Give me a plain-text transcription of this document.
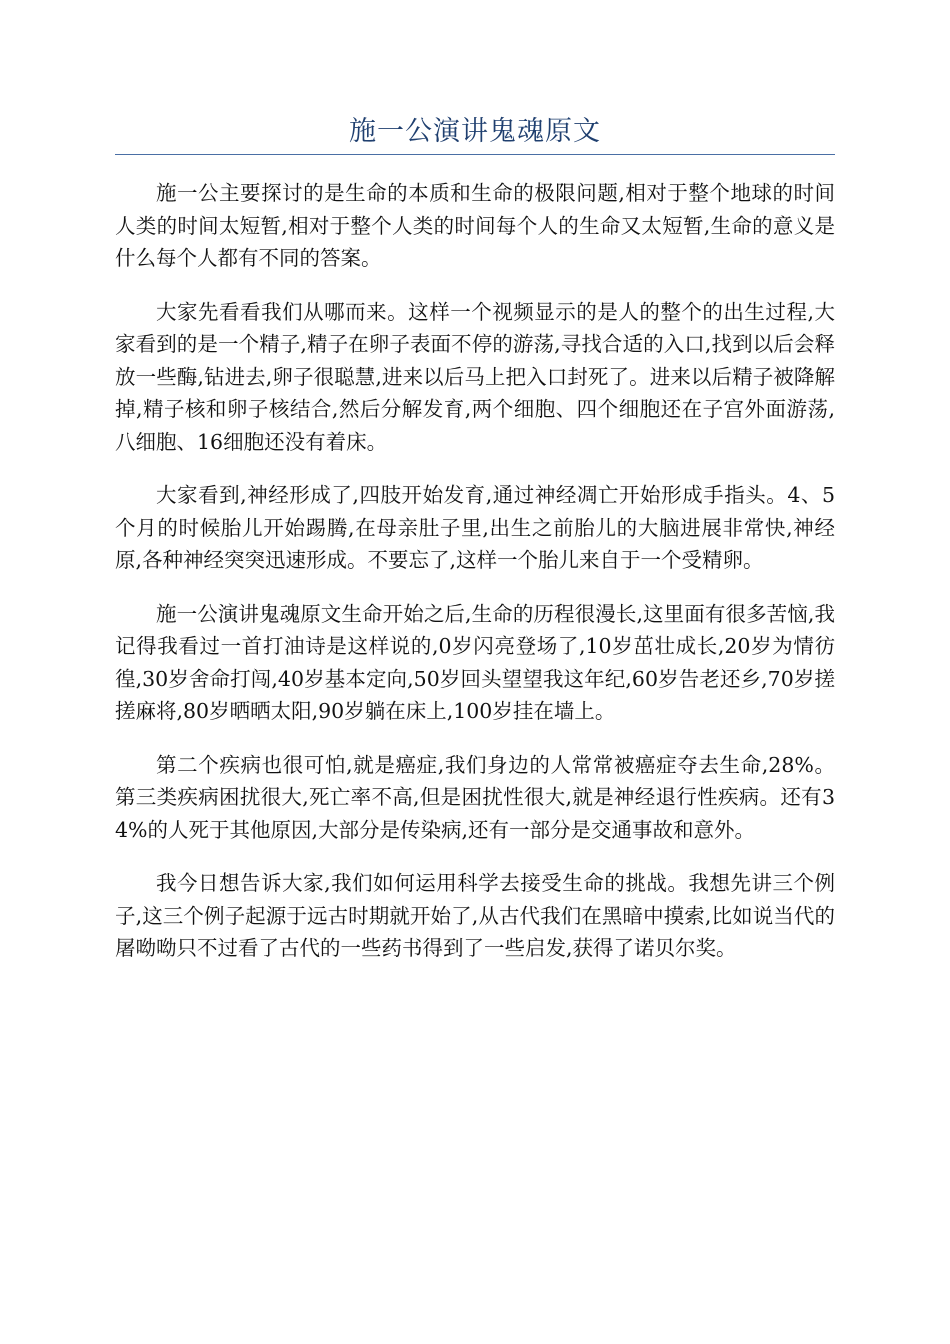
施一公演讲鬼魂原文

施一公主要探讨的是生命的本质和生命的极限问题,相对于整个地球的时间人类的时间太短暂,相对于整个人类的时间每个人的生命又太短暂,生命的意义是什么每个人都有不同的答案。

大家先看看我们从哪而来。这样一个视频显示的是人的整个的出生过程,大家看到的是一个精子,精子在卵子表面不停的游荡,寻找合适的入口,找到以后会释放一些酶,钻进去,卵子很聪慧,进来以后马上把入口封死了。进来以后精子被降解掉,精子核和卵子核结合,然后分解发育,两个细胞、四个细胞还在子宫外面游荡,八细胞、16细胞还没有着床。

大家看到,神经形成了,四肢开始发育,通过神经凋亡开始形成手指头。4、5个月的时候胎儿开始踢腾,在母亲肚子里,出生之前胎儿的大脑进展非常快,神经原,各种神经突突迅速形成。不要忘了,这样一个胎儿来自于一个受精卵。

施一公演讲鬼魂原文生命开始之后,生命的历程很漫长,这里面有很多苦恼,我记得我看过一首打油诗是这样说的,0岁闪亮登场了,10岁茁壮成长,20岁为情彷徨,30岁舍命打闯,40岁基本定向,50岁回头望望我这年纪,60岁告老还乡,70岁搓搓麻将,80岁晒晒太阳,90岁躺在床上,100岁挂在墙上。

第二个疾病也很可怕,就是癌症,我们身边的人常常被癌症夺去生命,28%。第三类疾病困扰很大,死亡率不高,但是困扰性很大,就是神经退行性疾病。还有34%的人死于其他原因,大部分是传染病,还有一部分是交通事故和意外。

我今日想告诉大家,我们如何运用科学去接受生命的挑战。我想先讲三个例子,这三个例子起源于远古时期就开始了,从古代我们在黑暗中摸索,比如说当代的屠呦呦只不过看了古代的一些药书得到了一些启发,获得了诺贝尔奖。
